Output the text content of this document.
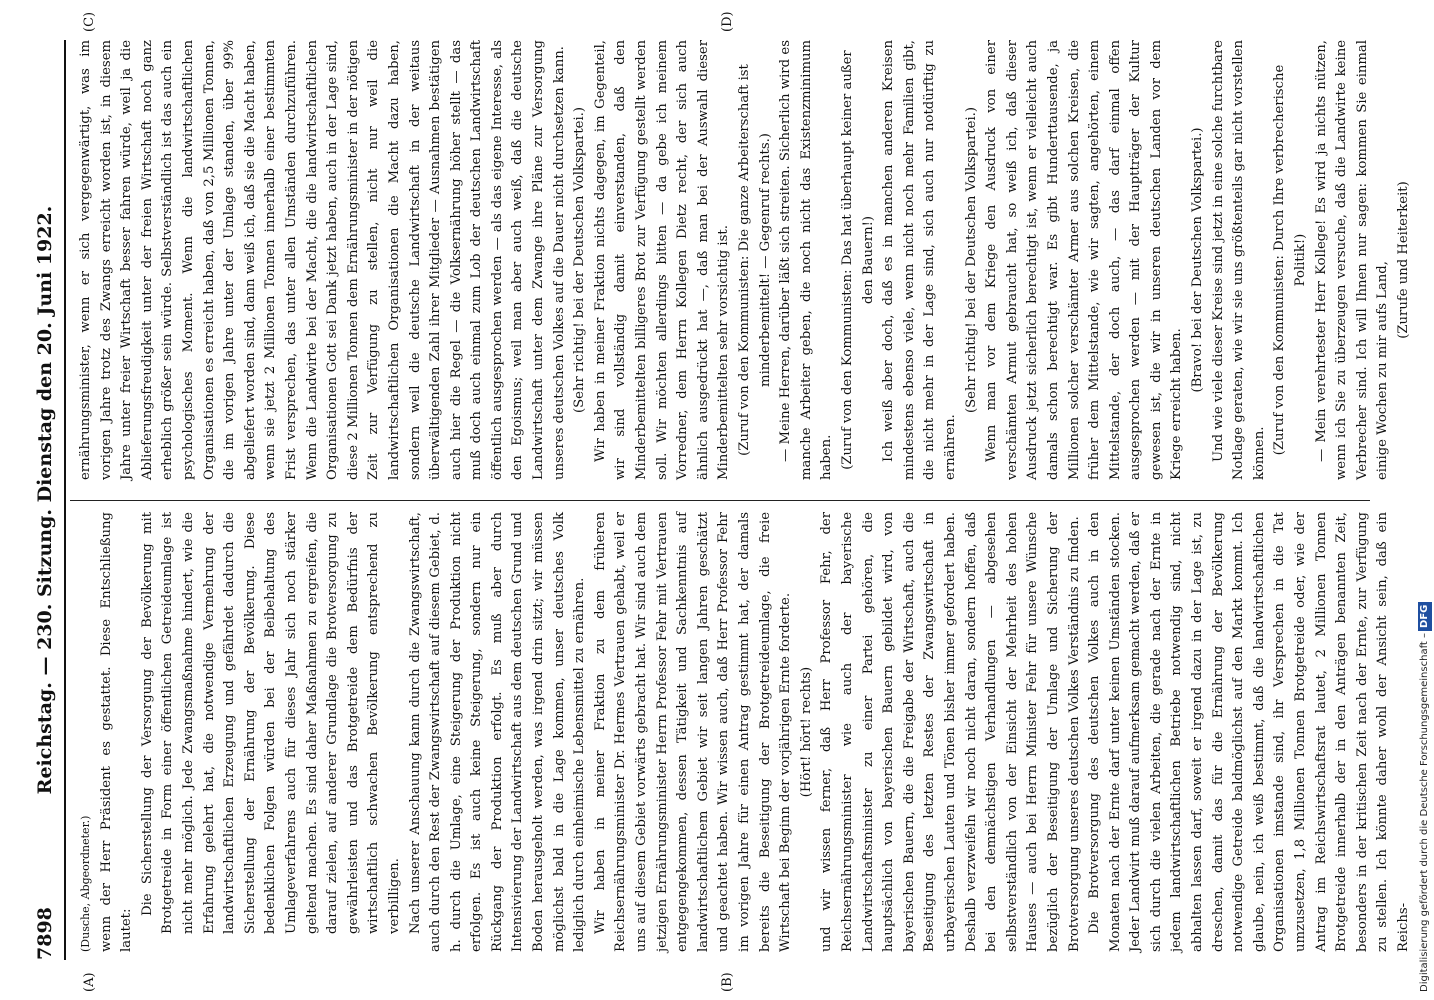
7898
Reichstag. — 230. Sitzung. Dienstag den 20. Juni 1922.
(A)	(B)
(C)	(D)

(Dusche, Abgeordneter.) wenn der Herr Präsident es gestattet. Diese Entschließung lautet:

Die Sicherstellung der Versorgung der Bevölkerung mit Brotgetreide in Form einer öffentlichen Getreideumlage ist nicht mehr möglich. Jede Zwangsmaßnahme hindert, wie die Erfahrung gelehrt hat, die notwendige Vermehrung der landwirtschaftlichen Erzeugung und gefährdet dadurch die Sicherstellung der Ernährung der Bevölkerung. Diese bedenklichen Folgen würden bei der Beibehaltung des Umlageverfahrens auch für dieses Jahr sich noch stärker geltend machen. Es sind daher Maßnahmen zu ergreifen, die darauf zielen, auf anderer Grundlage die Brotversorgung zu gewährleisten und das Brotgetreide dem Bedürfnis der wirtschaftlich schwachen Bevölkerung entsprechend zu verbilligen. Nach unserer Anschauung kann durch die Zwangswirtschaft, auch durch den Rest der Zwangswirtschaft auf diesem Gebiet, d. h. durch die Umlage, eine Steigerung der Produktion nicht erfolgen. Es ist auch keine Steigerung, sondern nur ein Rückgang der Produktion erfolgt. Es muß aber durch Intensivierung der Landwirtschaft aus dem deutschen Grund und Boden herausgeholt werden, was irgend drin sitzt; wir müssen möglichst bald in die Lage kommen, unser deutsches Volk lediglich durch einheimische Lebensmittel zu ernähren. Wir haben in meiner Fraktion zu dem früheren Reichsernährungsminister Dr. Hermes Vertrauen gehabt, weil er uns auf diesem Gebiet vorwärts gebracht hat. Wir sind auch dem jetzigen Ernährungsminister Herrn Professor Fehr mit Vertrauen entgegengekommen, dessen Tätigkeit und Sachkenntnis auf landwirtschaftlichem Gebiet wir seit langen Jahren geschätzt und geachtet haben. Wir wissen auch, daß Herr Professor Fehr im vorigen Jahre für einen Antrag gestimmt hat, der damals bereits die Beseitigung der Brotgetreideumlage, die freie Wirtschaft bei Beginn der vorjährigen Ernte forderte. (Hört! hört! rechts) und wir wissen ferner, daß Herr Professor Fehr, der Reichsernährungsminister wie auch der bayerische Landwirtschaftsminister zu einer Partei gehören, die hauptsächlich von bayerischen Bauern gebildet wird, von bayerischen Bauern, die die Freigabe der Wirtschaft, auch die Beseitigung des letzten Restes der Zwangswirtschaft in urbayerischen Lauten und Tönen bisher immer gefordert haben. Deshalb verzweifeln wir noch nicht daran, sondern hoffen, daß bei den demnächstigen Verhandlungen — abgesehen selbstverständlich von der Einsicht der Mehrheit des hohen Hauses — auch bei Herrn Minister Fehr für unsere Wünsche bezüglich der Beseitigung der Umlage und Sicherung der Brotversorgung unseres deutschen Volkes Verständnis zu finden. Die Brotversorgung des deutschen Volkes auch in den Monaten nach der Ernte darf unter keinen Umständen stocken. Jeder Landwirt muß darauf aufmerksam gemacht werden, daß er sich durch die vielen Arbeiten, die gerade nach der Ernte in jedem landwirtschaftlichen Betriebe notwendig sind, nicht abhalten lassen darf, soweit er irgend dazu in der Lage ist, zu dreschen, damit das für die Ernährung der Bevölkerung notwendige Getreide baldmöglichst auf den Markt kommt. Ich glaube, nein, ich weiß bestimmt, daß die landwirtschaftlichen Organisationen imstande sind, ihr Versprechen in die Tat umzusetzen, 1,8 Millionen Tonnen Brotgetreide oder, wie der Antrag im Reichswirtschaftsrat lautet, 2 Millionen Tonnen Brotgetreide innerhalb der in den Anträgen benannten Zeit, besonders in der kritischen Zeit nach der Ernte, zur Verfügung zu stellen. Ich könnte daher wohl der Ansicht sein, daß ein Reichs-

ernährungsminister, wenn er sich vergegenwärtigt, was im vorigen Jahre trotz des Zwangs erreicht worden ist, in diesem Jahre unter freier Wirtschaft besser fahren würde, weil ja die Ablieferungsfreudigkeit unter der freien Wirtschaft noch ganz erheblich größer sein würde. Selbstverständlich ist das auch ein psychologisches Moment. Wenn die landwirtschaftlichen Organisationen es erreicht haben, daß von 2,5 Millionen Tonnen, die im vorigen Jahre unter der Umlage standen, über 99% abgeliefert worden sind, dann weiß ich, daß sie die Macht haben, wenn sie jetzt 2 Millionen Tonnen innerhalb einer bestimmten Frist versprechen, das unter allen Umständen durchzuführen. Wenn die Landwirte bei der Macht, die die landwirtschaftlichen Organisationen Gott sei Dank jetzt haben, auch in der Lage sind, diese 2 Millionen Tonnen dem Ernährungsminister in der nötigen Zeit zur Verfügung zu stellen, nicht nur weil die landwirtschaftlichen Organisationen die Macht dazu haben, sondern weil die deutsche Landwirtschaft in der weitaus überwältigenden Zahl ihrer Mitglieder — Ausnahmen bestätigen auch hier die Regel — die Volksernährung höher stellt — das muß doch auch einmal zum Lob der deutschen Landwirtschaft öffentlich ausgesprochen werden — als das eigene Interesse, als den Egoismus; weil man aber auch weiß, daß die deutsche Landwirtschaft unter dem Zwange ihre Pläne zur Versorgung unseres deutschen Volkes auf die Dauer nicht durchsetzen kann. (Sehr richtig! bei der Deutschen Volkspartei.) Wir haben in meiner Fraktion nichts dagegen, im Gegenteil, wir sind vollständig damit einverstanden, daß den Minderbemittelten billigeres Brot zur Verfügung gestellt werden soll. Wir möchten allerdings bitten — da gebe ich meinem Vorredner, dem Herrn Kollegen Dietz recht, der sich auch ähnlich ausgedrückt hat —, daß man bei der Auswahl dieser Minderbemittelten sehr vorsichtig ist. (Zuruf von den Kommunisten: Die ganze Arbeiterschaft ist minderbemittelt! — Gegenruf rechts.) — Meine Herren, darüber läßt sich streiten. Sicherlich wird es manche Arbeiter geben, die noch nicht das Existenzminimum haben. (Zuruf von den Kommunisten: Das hat überhaupt keiner außer den Bauern!) Ich weiß aber doch, daß es in manchen anderen Kreisen mindestens ebenso viele, wenn nicht noch mehr Familien gibt, die nicht mehr in der Lage sind, sich auch nur notdürftig zu ernähren.

(Sehr richtig! bei der Deutschen Volkspartei.) Wenn man vor dem Kriege den Ausdruck von einer verschämten Armut gebraucht hat, so weiß ich, daß dieser Ausdruck jetzt sicherlich berechtigt ist, wenn er vielleicht auch damals schon berechtigt war. Es gibt Hunderttausende, ja Millionen solcher verschämter Armer aus solchen Kreisen, die früher dem Mittelstande, wie wir sagten, angehörten, einem Mittelstande, der doch auch, — das darf einmal offen ausgesprochen werden — mit der Hauptträger der Kultur gewesen ist, die wir in unseren deutschen Landen vor dem Kriege erreicht haben.

(Bravo! bei der Deutschen Volkspartei.) Und wie viele dieser Kreise sind jetzt in eine solche furchtbare Notlage geraten, wie wir sie uns größtenteils gar nicht vorstellen können. (Zuruf von den Kommunisten: Durch Ihre verbrecherische Politik!) — Mein verehrtester Herr Kollege! Es wird ja nichts nützen, wenn ich Sie zu überzeugen versuche, daß die Landwirte keine Verbrecher sind. Ich will Ihnen nur sagen: kommen Sie einmal einige Wochen zu mir aufs Land,

(Zurufe und Heiterkeit)

Digitalisierung gefördert durch die Deutsche Forschungsgemeinschaft –DFG
